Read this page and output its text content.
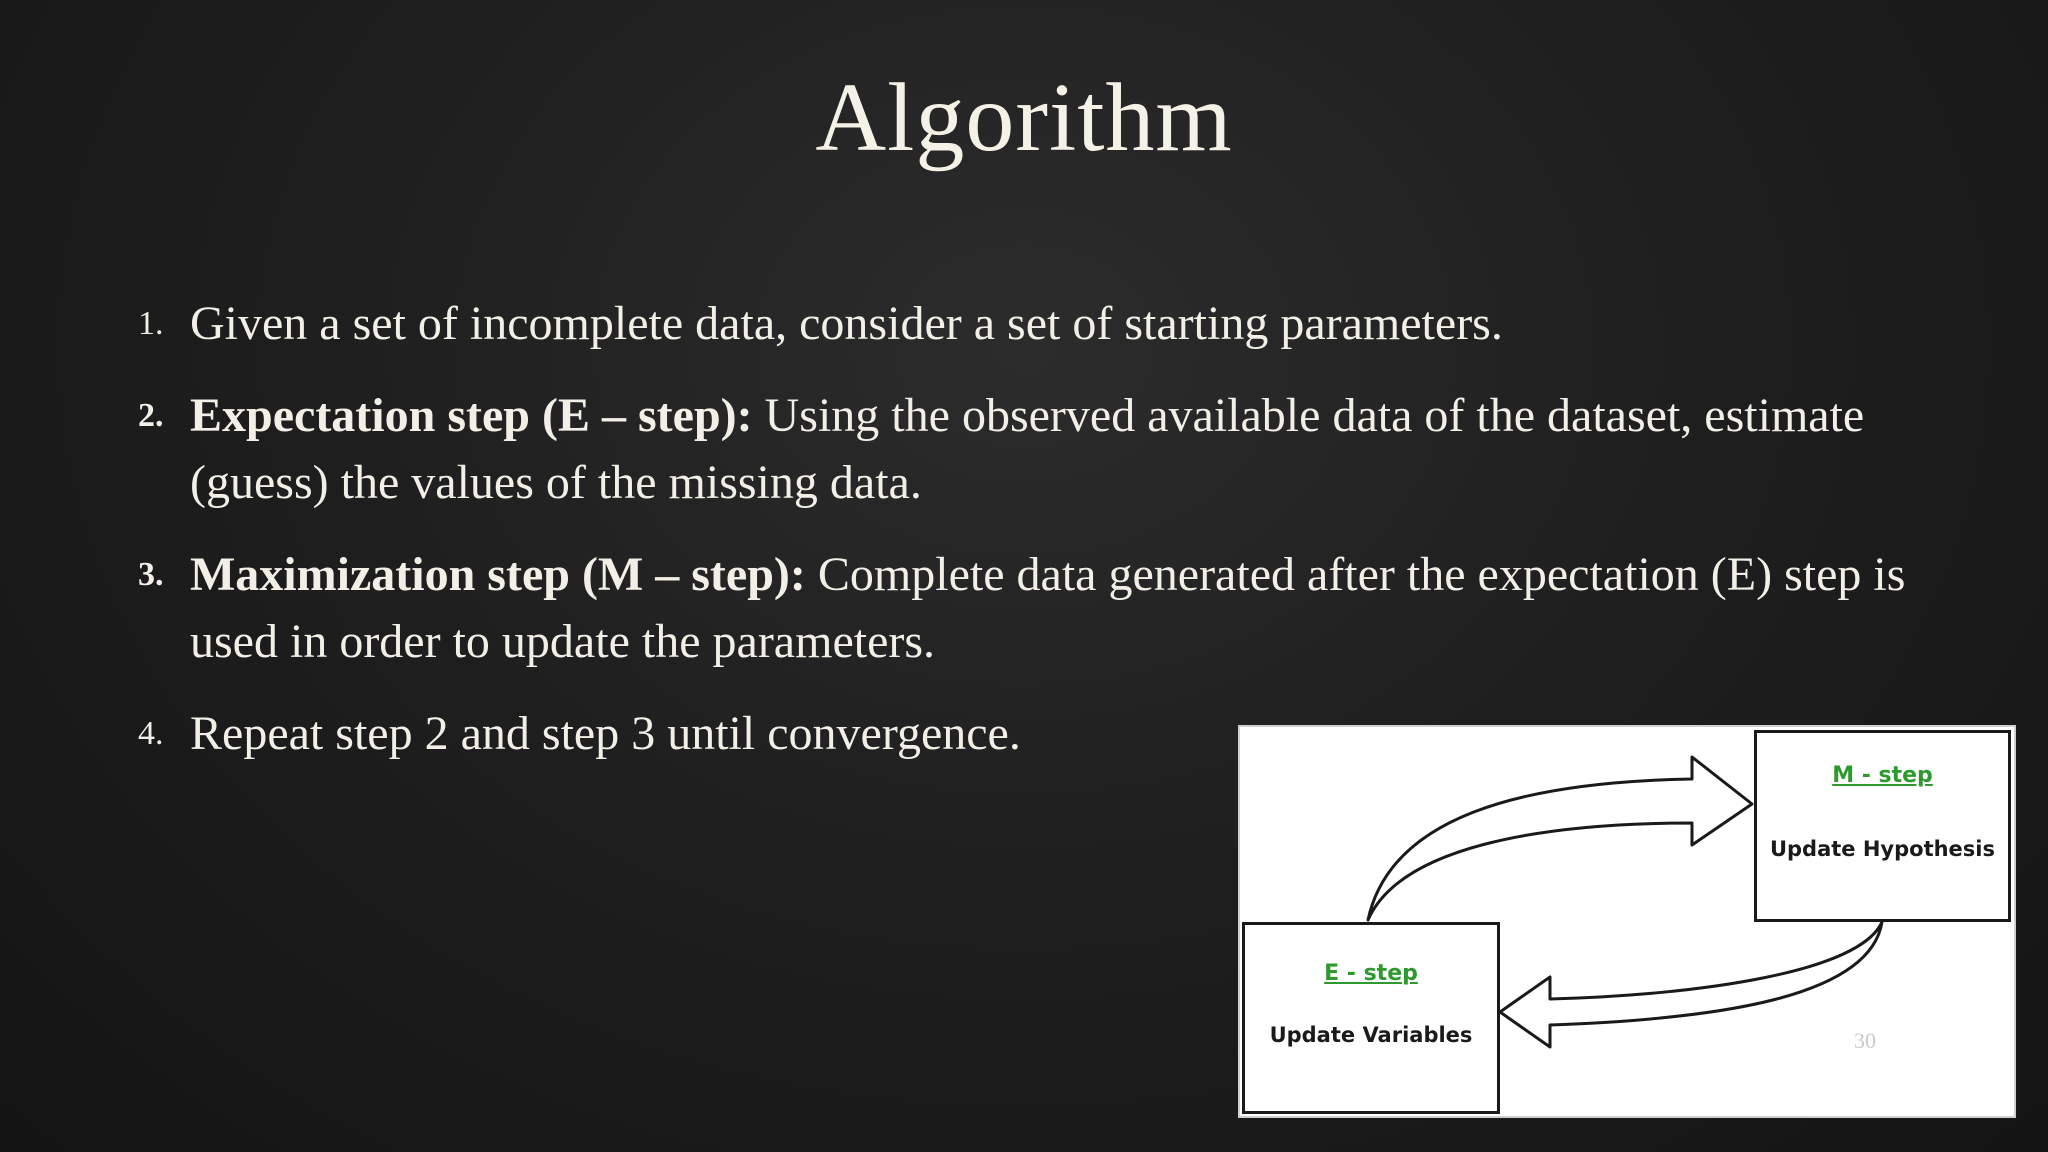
Algorithm
1. Given a set of incomplete data, consider a set of starting parameters.
2. Expectation step (E – step): Using the observed available data of the dataset, estimate (guess) the values of the missing data.
3. Maximization step (M – step): Complete data generated after the expectation (E) step is used in order to update the parameters.
4. Repeat step 2 and step 3 until convergence.
M - step
Update Hypothesis
E - step
Update Variables	30
